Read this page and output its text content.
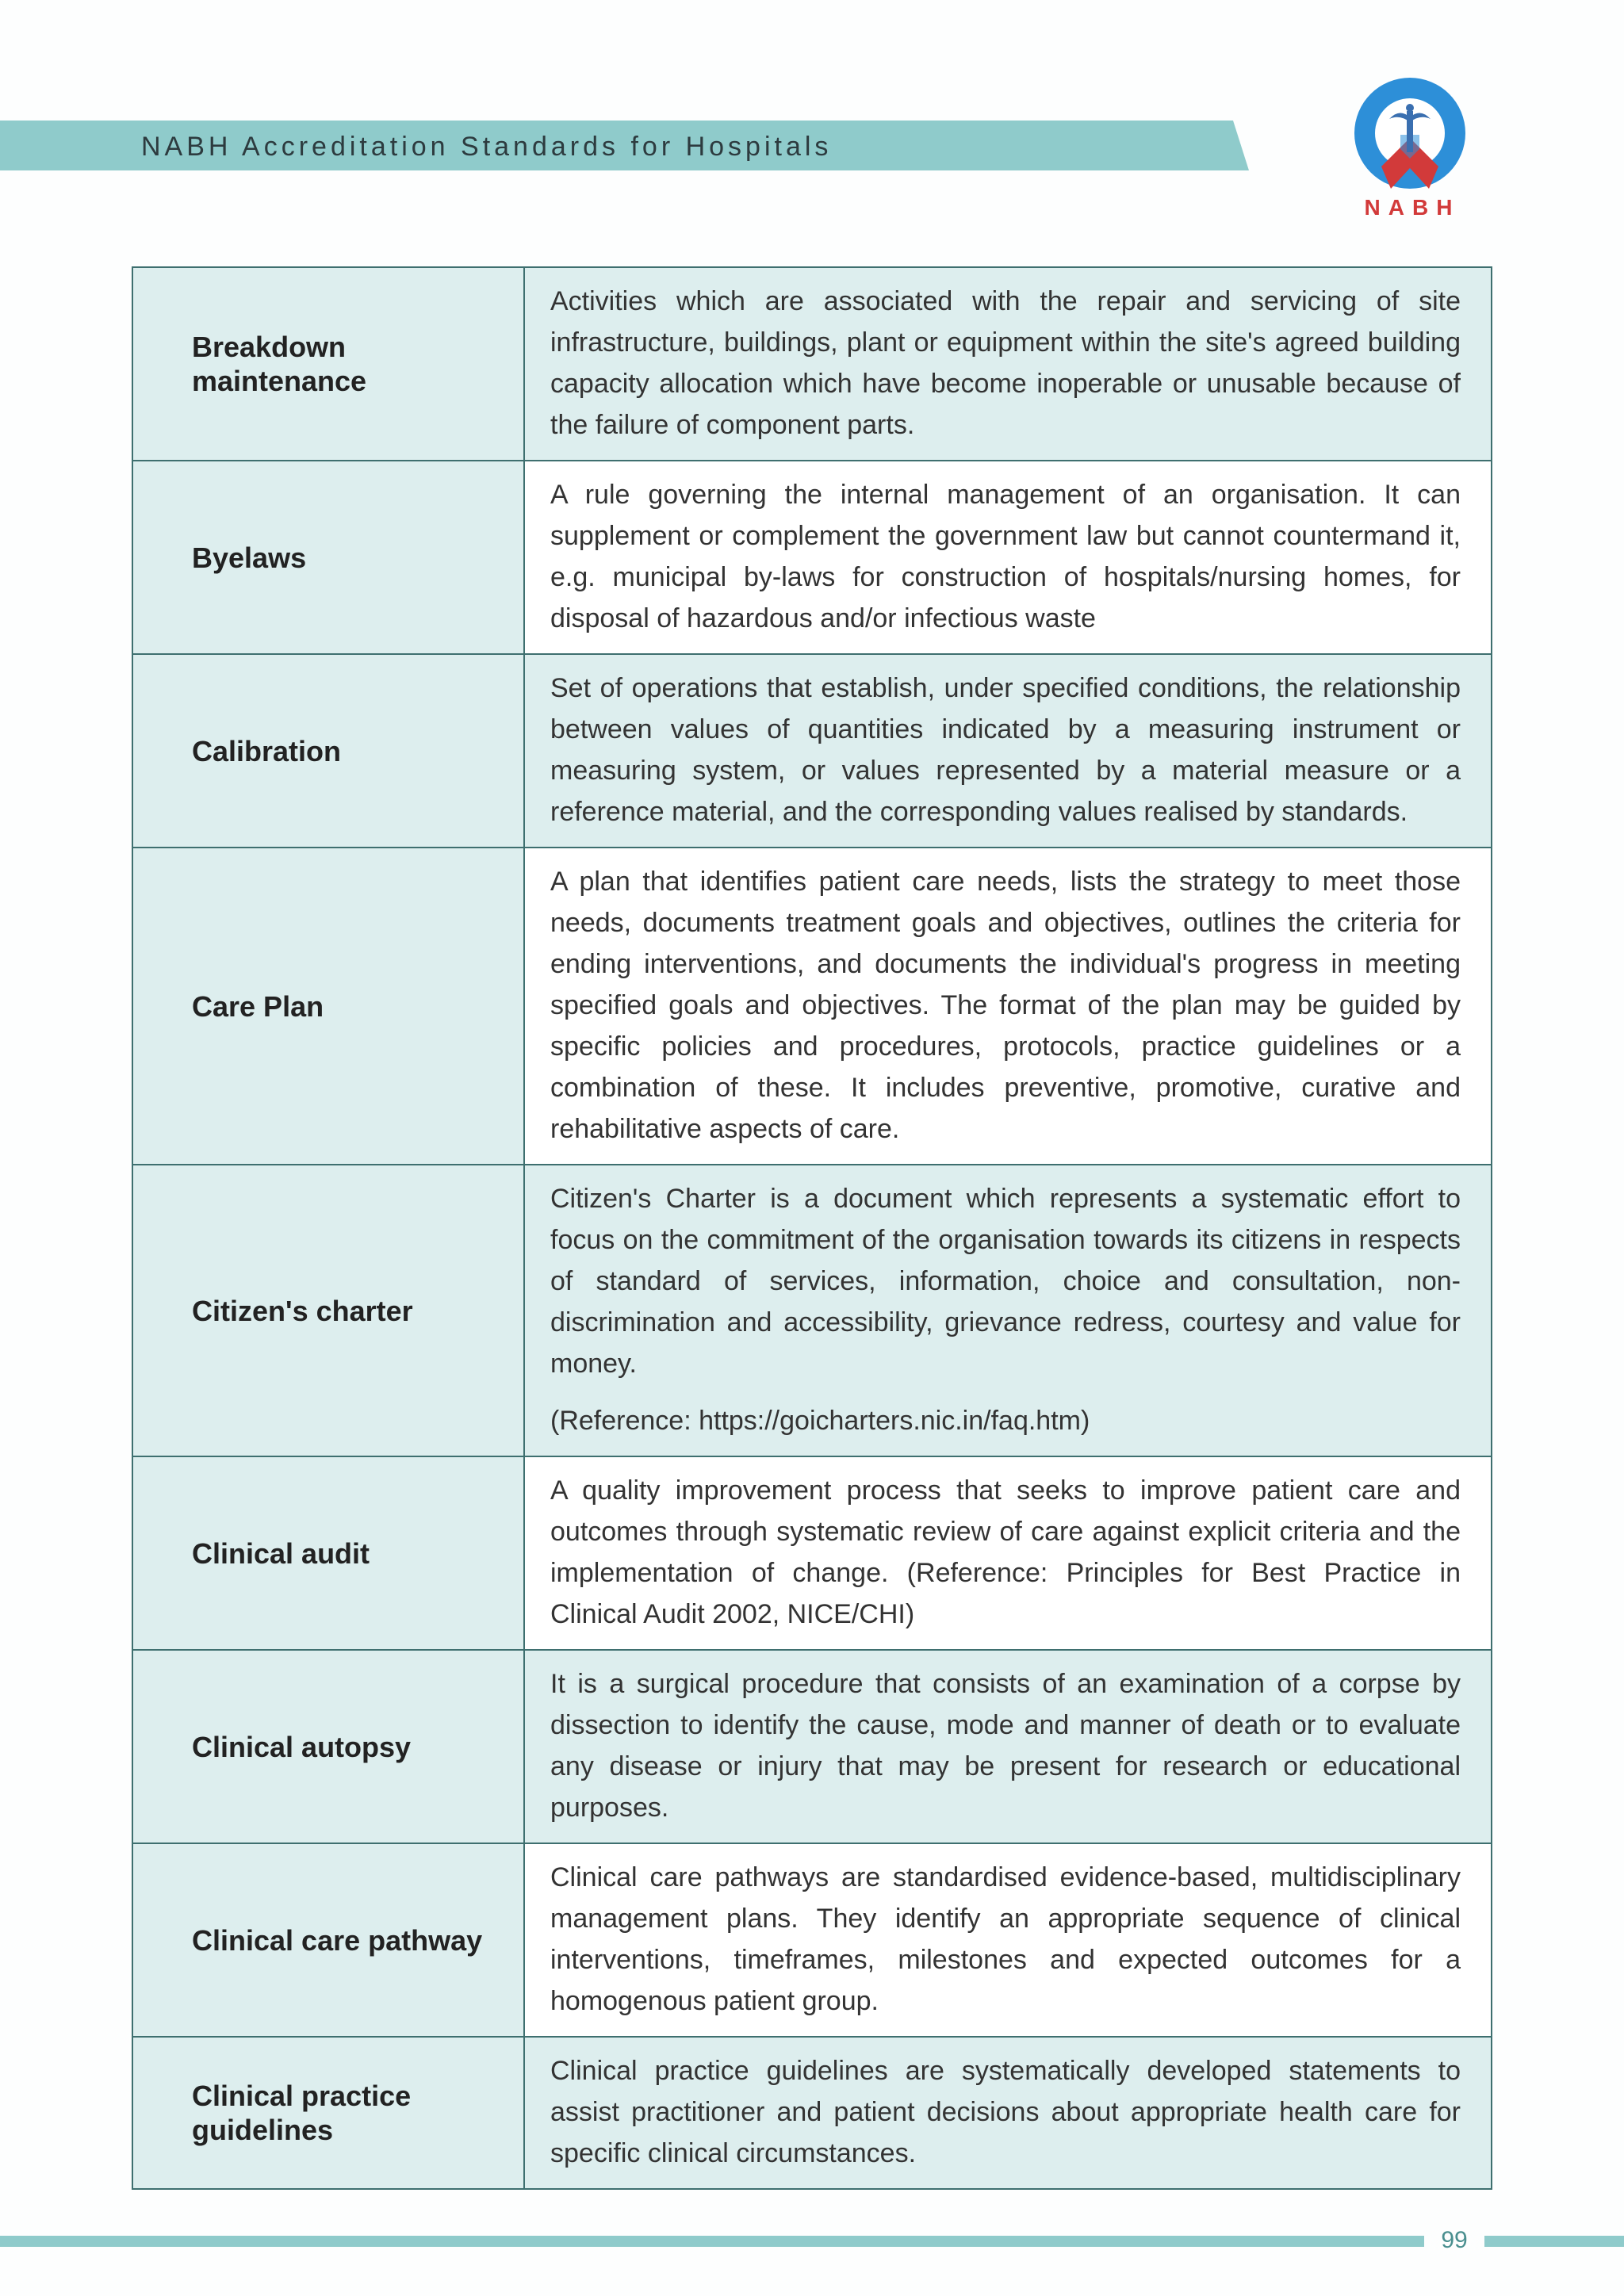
NABH Accreditation Standards for Hospitals
NABH
Breakdown maintenance	Activities which are associated with the repair and servicing of site infrastructure, buildings, plant or equipment within the site's agreed building capacity allocation which have become inoperable or unusable because of the failure of component parts.

Byelaws	A rule governing the internal management of an organisation. It can supplement or complement the government law but cannot countermand it, e.g. municipal by-laws for construction of hospitals/nursing homes, for disposal of hazardous and/or infectious waste

Calibration	Set of operations that establish, under specified conditions, the relationship between values of quantities indicated by a measuring instrument or measuring system, or values represented by a material measure or a reference material, and the corresponding values realised by standards.

Care Plan	A plan that identifies patient care needs, lists the strategy to meet those needs, documents treatment goals and objectives, outlines the criteria for ending interventions, and documents the individual's progress in meeting specified goals and objectives. The format of the plan may be guided by specific policies and procedures, protocols, practice guidelines or a combination of these. It includes preventive, promotive, curative and rehabilitative aspects of care.

Citizen's charter	Citizen's Charter is a document which represents a systematic effort to focus on the commitment of the organisation towards its citizens in respects of standard of services, information, choice and consultation, non-discrimination and accessibility, grievance redress, courtesy and value for money.

(Reference: https://goicharters.nic.in/faq.htm)

Clinical audit	A quality improvement process that seeks to improve patient care and outcomes through systematic review of care against explicit criteria and the implementation of change. (Reference: Principles for Best Practice in Clinical Audit 2002, NICE/CHI)

Clinical autopsy	It is a surgical procedure that consists of an examination of a corpse by dissection to identify the cause, mode and manner of death or to evaluate any disease or injury that may be present for research or educational purposes.

Clinical care pathway	Clinical care pathways are standardised evidence-based, multidisciplinary management plans. They identify an appropriate sequence of clinical interventions, timeframes, milestones and expected outcomes for a homogenous patient group.

Clinical practice guidelines	Clinical practice guidelines are systematically developed statements to assist practitioner and patient decisions about appropriate health care for specific clinical circumstances.

99
